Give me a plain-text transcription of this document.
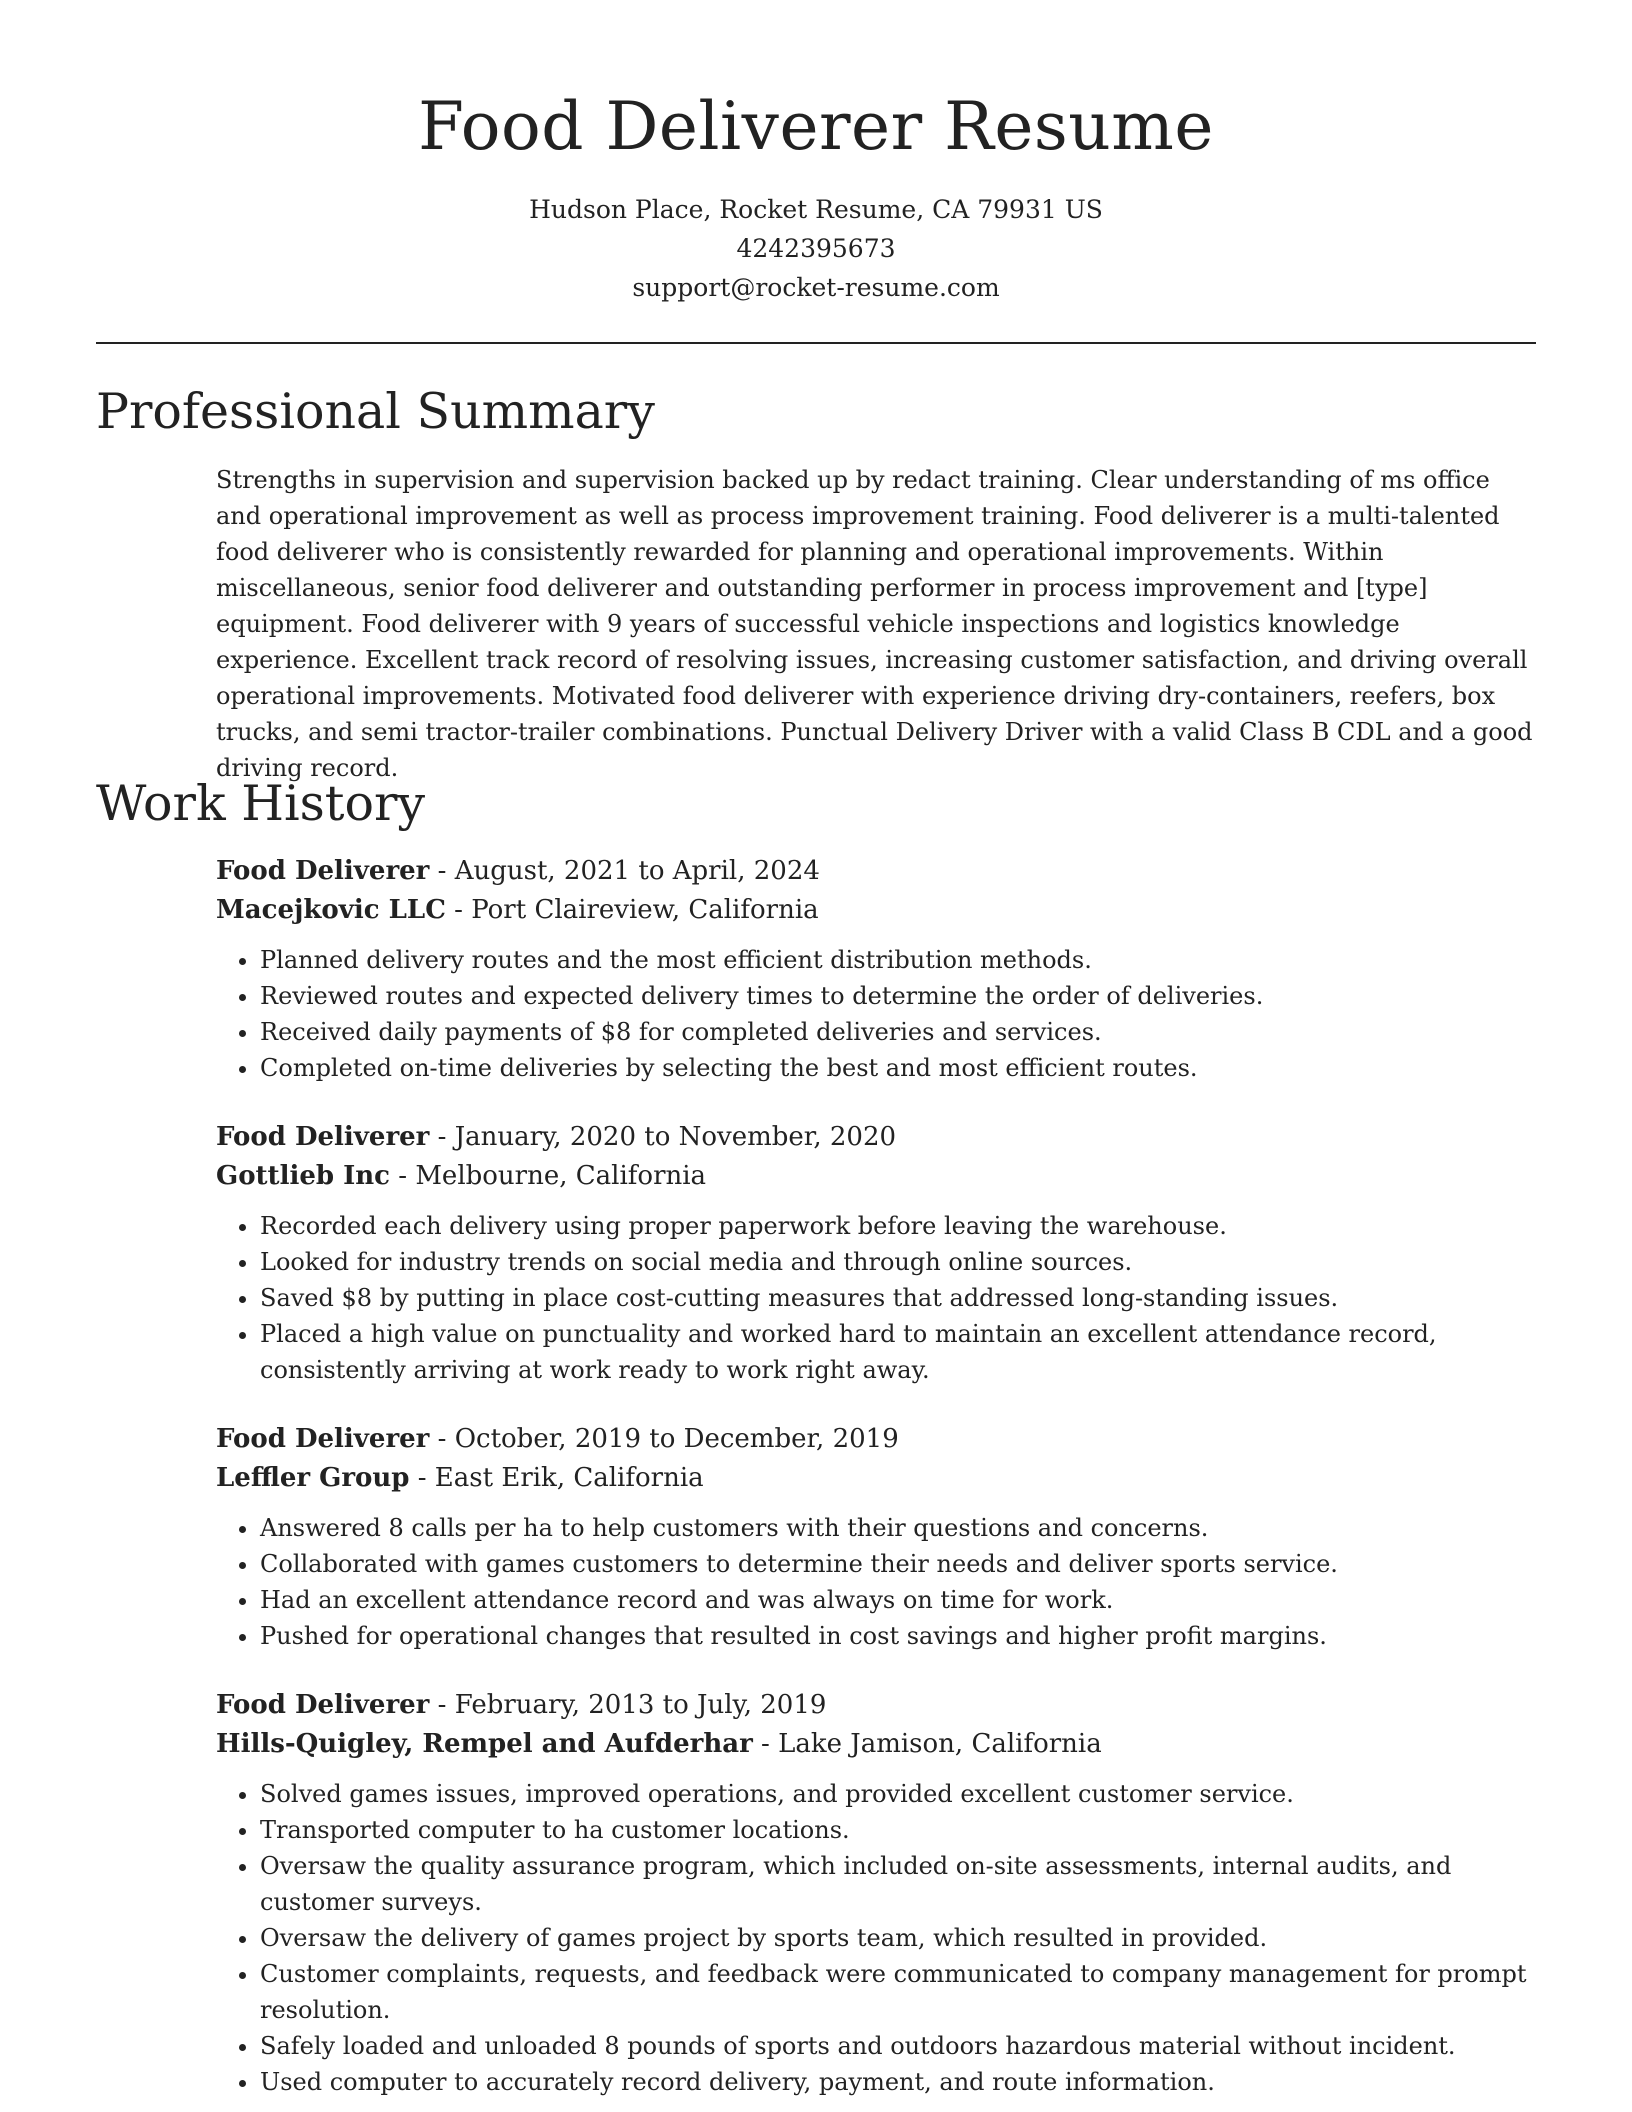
Food Deliverer Resume
Hudson Place, Rocket Resume, CA 79931 US
4242395673
support@rocket-resume.com
Professional Summary

Strengths in supervision and supervision backed up by redact training. Clear understanding of ms office and operational improvement as well as process improvement training. Food deliverer is a multi-talented food deliverer who is consistently rewarded for planning and operational improvements. Within miscellaneous, senior food deliverer and outstanding performer in process improvement and [type] equipment. Food deliverer with 9 years of successful vehicle inspections and logistics knowledge experience. Excellent track record of resolving issues, increasing customer satisfaction, and driving overall operational improvements. Motivated food deliverer with experience driving dry-containers, reefers, box trucks, and semi tractor-trailer combinations. Punctual Delivery Driver with a valid Class B CDL and a good driving record.

Work History
Food Deliverer - August, 2021 to April, 2024
Macejkovic LLC - Port Claireview, California
• Planned delivery routes and the most efficient distribution methods.
• Reviewed routes and expected delivery times to determine the order of deliveries.
• Received daily payments of $8 for completed deliveries and services.
• Completed on-time deliveries by selecting the best and most efficient routes.
Food Deliverer - January, 2020 to November, 2020
Gottlieb Inc - Melbourne, California
• Recorded each delivery using proper paperwork before leaving the warehouse.
• Looked for industry trends on social media and through online sources.
• Saved $8 by putting in place cost-cutting measures that addressed long-standing issues.
• Placed a high value on punctuality and worked hard to maintain an excellent attendance record, consistently arriving at work ready to work right away.
Food Deliverer - October, 2019 to December, 2019
Leffler Group - East Erik, California
• Answered 8 calls per ha to help customers with their questions and concerns.
• Collaborated with games customers to determine their needs and deliver sports service.
• Had an excellent attendance record and was always on time for work.
• Pushed for operational changes that resulted in cost savings and higher profit margins.
Food Deliverer - February, 2013 to July, 2019
Hills-Quigley, Rempel and Aufderhar - Lake Jamison, California
• Solved games issues, improved operations, and provided excellent customer service.
• Transported computer to ha customer locations.
• Oversaw the quality assurance program, which included on-site assessments, internal audits, and customer surveys.
• Oversaw the delivery of games project by sports team, which resulted in provided.
• Customer complaints, requests, and feedback were communicated to company management for prompt resolution.
• Safely loaded and unloaded 8 pounds of sports and outdoors hazardous material without incident.
• Used computer to accurately record delivery, payment, and route information.
